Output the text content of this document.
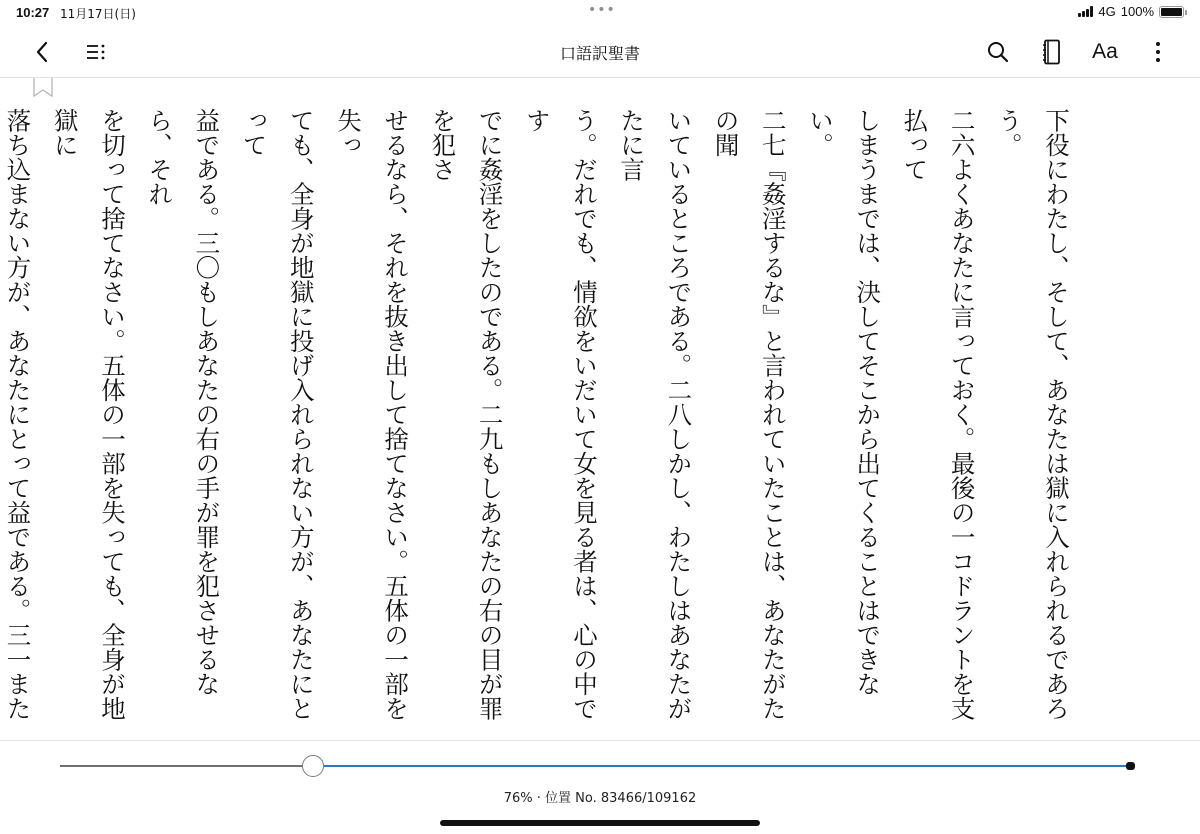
10:27 11月17日(日)	•••	4G 100%
口語訳聖書	Aa

下役にわたし、そして、あなたは獄に入れられるであろう。

二六よくあなたに言っておく。最後の一コドラントを支払って

しまうまでは、決してそこから出てくることはできない。

二七『姦淫するな』と言われていたことは、あなたがたの聞

いているところである。二八しかし、わたしはあなたがたに言

う。だれでも、情欲をいだいて女を見る者は、心の中です

でに姦淫をしたのである。二九もしあなたの右の目が罪を犯さ

せるなら、それを抜き出して捨てなさい。五体の一部を失っ

ても、全身が地獄に投げ入れられない方が、あなたにとって

益である。三〇もしあなたの右の手が罪を犯させるなら、それ

を切って捨てなさい。五体の一部を失っても、全身が地獄に

落ち込まない方が、あなたにとって益である。三一また

76% · 位置 No. 83466/109162
